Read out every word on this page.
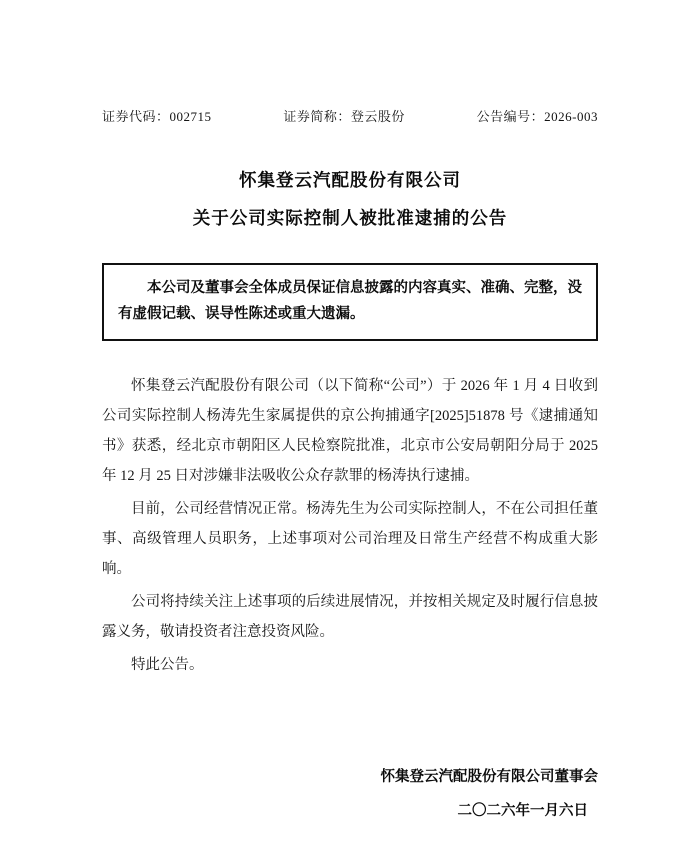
证券代码：002715	证券简称：登云股份	公告编号：2026-003
怀集登云汽配股份有限公司
关于公司实际控制人被批准逮捕的公告
本公司及董事会全体成员保证信息披露的内容真实、准确、完整，没有虚假记载、误导性陈述或重大遗漏。

怀集登云汽配股份有限公司（以下简称“公司”）于 2026 年 1 月 4 日收到公司实际控制人杨涛先生家属提供的京公拘捕通字[2025]51878 号《逮捕通知书》获悉，经北京市朝阳区人民检察院批准，北京市公安局朝阳分局于 2025 年 12 月 25 日对涉嫌非法吸收公众存款罪的杨涛执行逮捕。

目前，公司经营情况正常。杨涛先生为公司实际控制人，不在公司担任董事、高级管理人员职务，上述事项对公司治理及日常生产经营不构成重大影响。

公司将持续关注上述事项的后续进展情况，并按相关规定及时履行信息披露义务，敬请投资者注意投资风险。

特此公告。

怀集登云汽配股份有限公司董事会
二〇二六年一月六日
